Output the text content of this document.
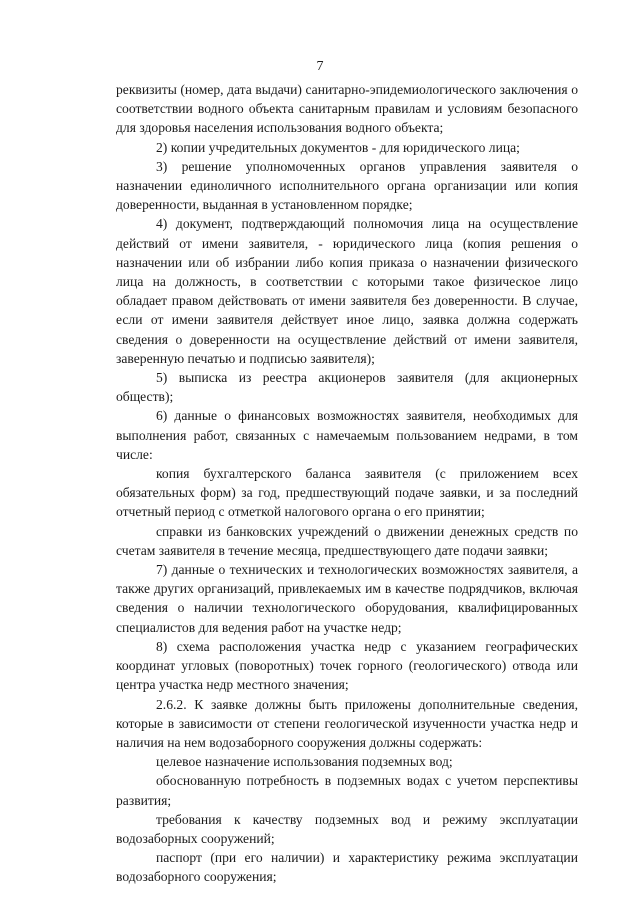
7

реквизиты (номер, дата выдачи) санитарно-эпидемиологического заключения о соответствии водного объекта санитарным правилам и условиям безопасного для здоровья населения использования водного объекта;

2) копии учредительных документов - для юридического лица;

3) решение уполномоченных органов управления заявителя о назначении единоличного исполнительного органа организации или копия доверенности, выданная в установленном порядке;

4) документ, подтверждающий полномочия лица на осуществление действий от имени заявителя, - юридического лица (копия решения о назначении или об избрании либо копия приказа о назначении физического лица на должность, в соответствии с которыми такое физическое лицо обладает правом действовать от имени заявителя без доверенности. В случае, если от имени заявителя действует иное лицо, заявка должна содержать сведения о доверенности на осуществление действий от имени заявителя, заверенную печатью и подписью заявителя);

5) выписка из реестра акционеров заявителя (для акционерных обществ);

6) данные о финансовых возможностях заявителя, необходимых для выполнения работ, связанных с намечаемым пользованием недрами, в том числе:

копия бухгалтерского баланса заявителя (с приложением всех обязательных форм) за год, предшествующий подаче заявки, и за последний отчетный период с отметкой налогового органа о его принятии;

справки из банковских учреждений о движении денежных средств по счетам заявителя в течение месяца, предшествующего дате подачи заявки;

7) данные о технических и технологических возможностях заявителя, а также других организаций, привлекаемых им в качестве подрядчиков, включая сведения о наличии технологического оборудования, квалифицированных специалистов для ведения работ на участке недр;

8) схема расположения участка недр с указанием географических координат угловых (поворотных) точек горного (геологического) отвода или центра участка недр местного значения;

2.6.2. К заявке должны быть приложены дополнительные сведения, которые в зависимости от степени геологической изученности участка недр и наличия на нем водозаборного сооружения должны содержать:

целевое назначение использования подземных вод;

обоснованную потребность в подземных водах с учетом перспективы развития;

требования к качеству подземных вод и режиму эксплуатации водозаборных сооружений;

паспорт (при его наличии) и характеристику режима эксплуатации водозаборного сооружения;
